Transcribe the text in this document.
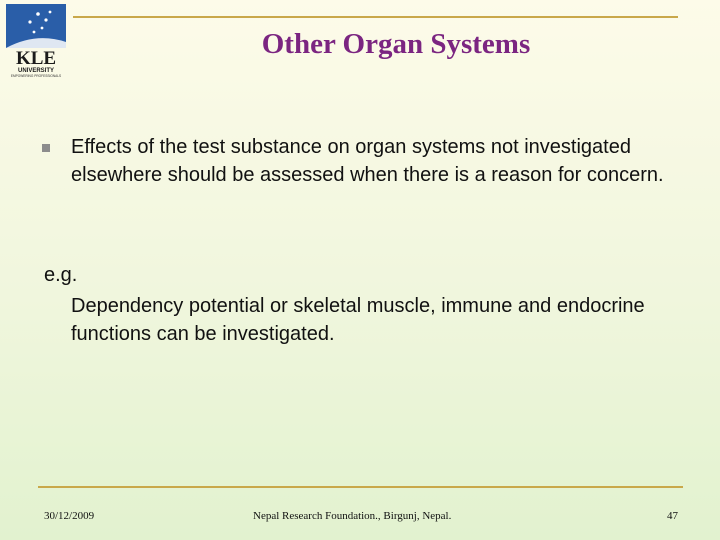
KLE
UNIVERSITY
EMPOWERING PROFESSIONALS
Other Organ Systems
Effects of the test substance on organ systems not investigated elsewhere should be assessed when there is a reason for concern.
e.g.
Dependency potential or skeletal muscle, immune and endocrine functions can be investigated.
30/12/2009	Nepal Research Foundation., Birgunj, Nepal.	47
